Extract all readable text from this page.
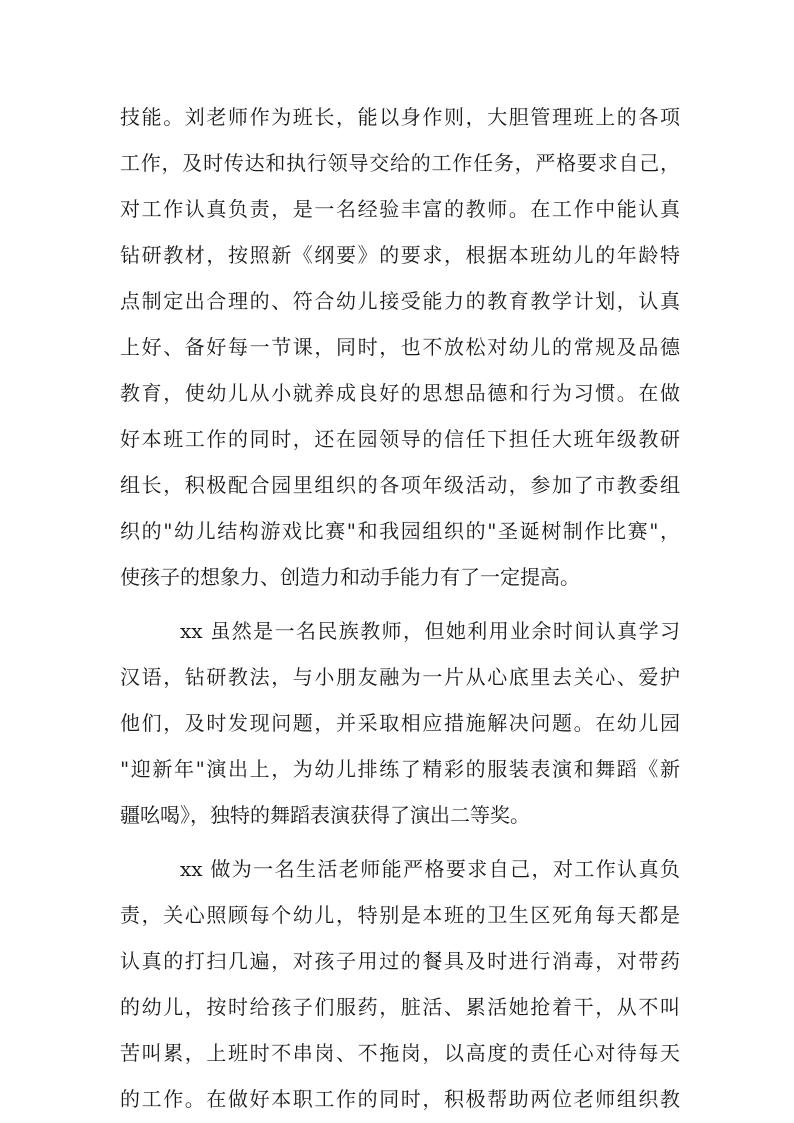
技能。刘老师作为班长，能以身作则，大胆管理班上的各项
工作，及时传达和执行领导交给的工作任务，严格要求自己，
对工作认真负责，是一名经验丰富的教师。在工作中能认真
钻研教材，按照新《纲要》的要求，根据本班幼儿的年龄特
点制定出合理的、符合幼儿接受能力的教育教学计划，认真
上好、备好每一节课，同时，也不放松对幼儿的常规及品德
教育，使幼儿从小就养成良好的思想品德和行为习惯。在做
好本班工作的同时，还在园领导的信任下担任大班年级教研
组长，积极配合园里组织的各项年级活动，参加了市教委组
织的"幼儿结构游戏比赛"和我园组织的"圣诞树制作比赛"，
使孩子的想象力、创造力和动手能力有了一定提高。
xx 虽然是一名民族教师，但她利用业余时间认真学习
汉语，钻研教法，与小朋友融为一片从心底里去关心、爱护
他们，及时发现问题，并采取相应措施解决问题。在幼儿园
"迎新年"演出上，为幼儿排练了精彩的服装表演和舞蹈《新
疆吆喝》，独特的舞蹈表演获得了演出二等奖。
xx 做为一名生活老师能严格要求自己，对工作认真负
责，关心照顾每个幼儿，特别是本班的卫生区死角每天都是
认真的打扫几遍，对孩子用过的餐具及时进行消毒，对带药
的幼儿，按时给孩子们服药，脏活、累活她抢着干，从不叫
苦叫累，上班时不串岗、不拖岗，以高度的责任心对待每天
的工作。在做好本职工作的同时，积极帮助两位老师组织教
